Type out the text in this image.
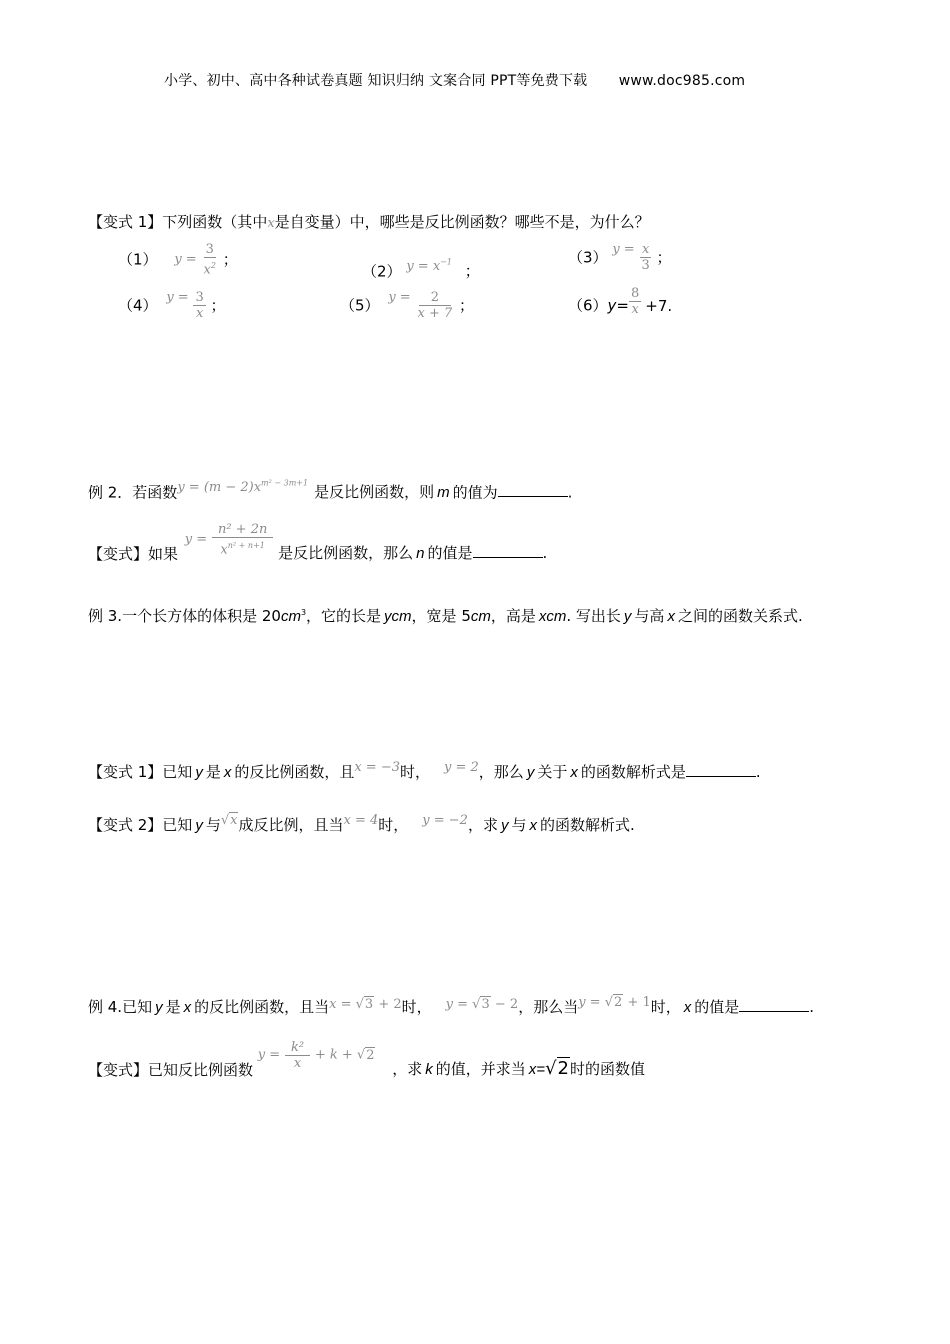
小学、初中、高中各种试卷真题 知识归纳 文案合同 PPT等免费下载 www.doc985.com
【变式 1】下列函数（其中x是自变量）中，哪些是反比例函数？哪些不是，为什么？
（1） $y = \frac{3}{x^2}$ ；
（2） $y = x^{-1}$ ；
（3） $y = \frac{x}{3}$ ；
（4） $y = \frac{3}{x}$ ；	（5） $y = \frac{2}{x + 7}$ ；	$(6)y= \frac{8}{x} +7$.
例 2．若函数$y = (m - 2)x^{m^2 - 3m+1}$ 是反比例函数，则 m 的值为	.
【变式】如果 $y = \frac{\text{n² + 2n}}{x^{n^2 + n+1}}$ 是反比例函数，那么 n 的值是	.
例 3.一个长方体的体积是 $20cm^3$，它的长是 ycm，宽是 5cm，高是 xcm. 写出长 y 与高 x 之间的函数关系式.
【变式 1】已知 y 是 x 的反比例函数，且x = −3时， y = 2，那么 y 关于 x 的函数解析式是	.
【变式 2】已知 y 与√x成反比例，且当x = 4时， y = −2，求 y 与 x 的函数解析式.
例 4.已知 y 是 x 的反比例函数，且当x = √3 + 2时， y = √3 − 2，那么当y = √2 + 1时， x 的值是	.
【变式】已知反比例函数 $y = \frac{\text{k²}}{x} + k + √2$ ，求 k 的值，并求当 x=√2时的函数值
